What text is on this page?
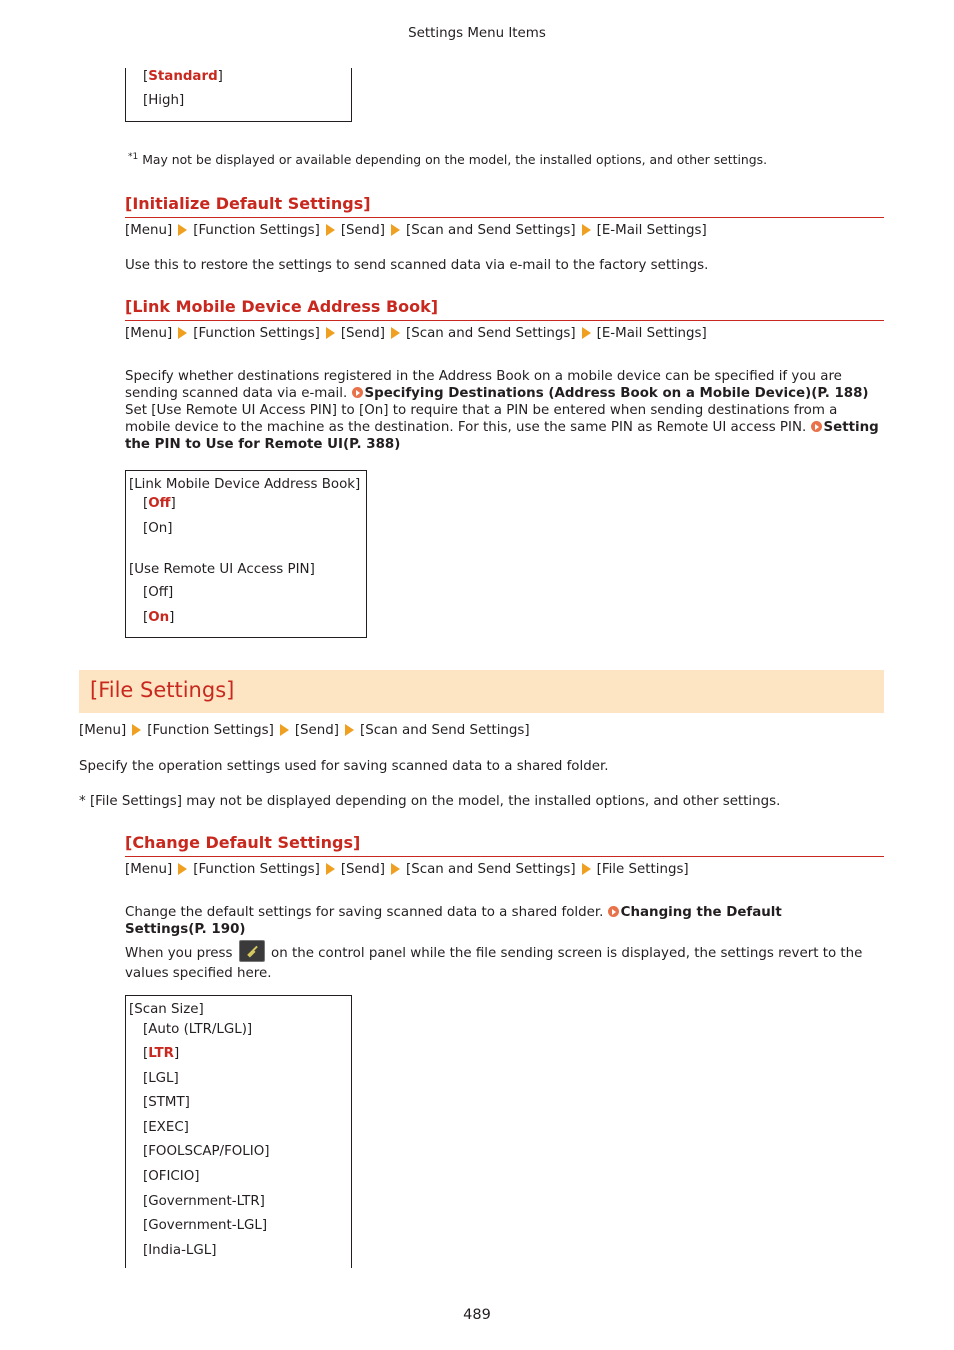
Settings Menu Items
[Standard]
[High]
$^{*1}$ May not be displayed or available depending on the model, the installed options, and other settings.
[Initialize Default Settings]
[Menu] [Function Settings] [Send] [Scan and Send Settings] [E-Mail Settings]
Use this to restore the settings to send scanned data via e-mail to the factory settings.
[Link Mobile Device Address Book]
[Menu] [Function Settings] [Send] [Scan and Send Settings] [E-Mail Settings]
Specify whether destinations registered in the Address Book on a mobile device can be specified if you are
sending scanned data via e-mail. Specifying Destinations (Address Book on a Mobile Device)(P. 188)
Set [Use Remote UI Access PIN] to [On] to require that a PIN be entered when sending destinations from a
mobile device to the machine as the destination. For this, use the same PIN as Remote UI access PIN. Setting
the PIN to Use for Remote UI(P. 388)
[Link Mobile Device Address Book]
[Off]
[On]
[Use Remote UI Access PIN]
[Off]
[On]
[File Settings]
[Menu] [Function Settings] [Send] [Scan and Send Settings]
Specify the operation settings used for saving scanned data to a shared folder.
* [File Settings] may not be displayed depending on the model, the installed options, and other settings.
[Change Default Settings]
[Menu] [Function Settings] [Send] [Scan and Send Settings] [File Settings]
Change the default settings for saving scanned data to a shared folder. Changing the Default
Settings(P. 190)
When you press	on the control panel while the file sending screen is displayed, the settings revert to the
values specified here.
[Scan Size]
[Auto (LTR/LGL)]
[LTR]
[LGL]
[STMT]
[EXEC]
[FOOLSCAP/FOLIO]
[OFICIO]
[Government-LTR]
[Government-LGL]
[India-LGL]
489
